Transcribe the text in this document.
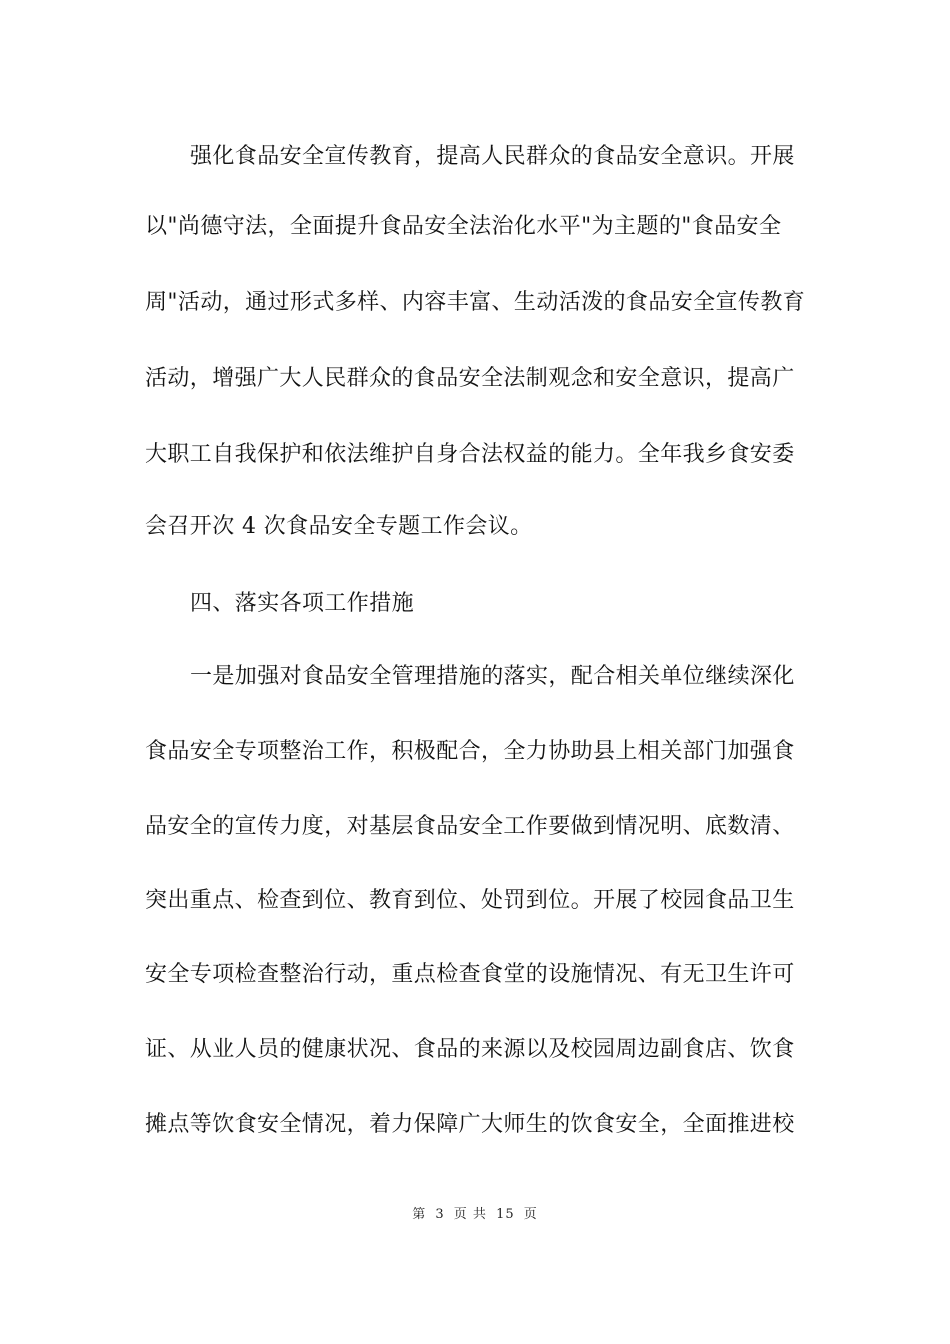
强化食品安全宣传教育，提高人民群众的食品安全意识。开展
以"尚德守法，全面提升食品安全法治化水平"为主题的"食品安全
周"活动，通过形式多样、内容丰富、生动活泼的食品安全宣传教育
活动，增强广大人民群众的食品安全法制观念和安全意识，提高广
大职工自我保护和依法维护自身合法权益的能力。全年我乡食安委
会召开次 4 次食品安全专题工作会议。
四、落实各项工作措施
一是加强对食品安全管理措施的落实，配合相关单位继续深化
食品安全专项整治工作，积极配合，全力协助县上相关部门加强食
品安全的宣传力度，对基层食品安全工作要做到情况明、底数清、
突出重点、检查到位、教育到位、处罚到位。开展了校园食品卫生
安全专项检查整治行动，重点检查食堂的设施情况、有无卫生许可
证、从业人员的健康状况、食品的来源以及校园周边副食店、饮食
摊点等饮食安全情况，着力保障广大师生的饮食安全，全面推进校
第 3 页 共 15 页
